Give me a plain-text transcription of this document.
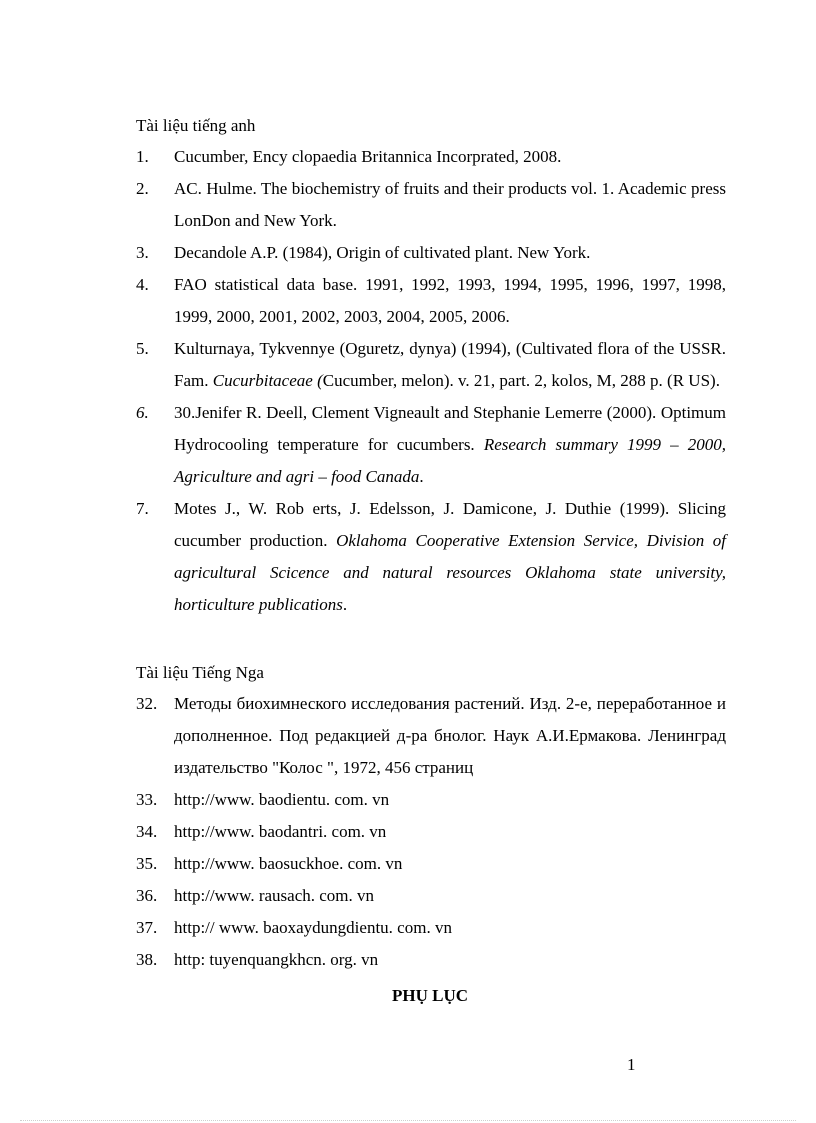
Tài liệu tiếng anh
1.	Cucumber, Ency clopaedia Britannica Incorprated, 2008.
2.	AC. Hulme. The biochemistry of fruits and their products vol. 1. Academic press LonDon and New York.
3.	Decandole A.P. (1984), Origin of cultivated plant. New York.
4.	FAO statistical data base. 1991, 1992, 1993, 1994, 1995, 1996, 1997, 1998, 1999, 2000, 2001, 2002, 2003, 2004, 2005, 2006.
5.	Kulturnaya, Tykvennye (Oguretz, dynya) (1994), (Cultivated flora of the USSR. Fam. Cucurbitaceae (Cucumber, melon). v. 21, part. 2, kolos, M, 288 p. (R US).
6.	30.Jenifer R. Deell, Clement Vigneault and Stephanie Lemerre (2000). Optimum Hydrocooling temperature for cucumbers. Research summary 1999 – 2000, Agriculture and agri – food Canada.
7.	Motes J., W. Rob erts, J. Edelsson, J. Damicone, J. Duthie (1999). Slicing cucumber production. Oklahoma Cooperative Extension Service, Division of agricultural Scicence and natural resources Oklahoma state university, horticulture publications.
Tài liệu Tiếng Nga
32. Методы биохимнеского исследования растений. Изд. 2-е, переработанное и дополненное. Под редакцией д-ра бнолог. Наук А.И.Ермакова. Ленинград издательство "Колос ", 1972, 456 страниц
33. http://www. baodientu. com. vn
34. http://www. baodantri. com. vn
35. http://www. baosuckhoe. com. vn
36. http://www. rausach. com. vn
37. http:// www. baoxaydungdientu. com. vn
38. http: tuyenquangkhcn. org. vn
PHỤ LỤC
1
